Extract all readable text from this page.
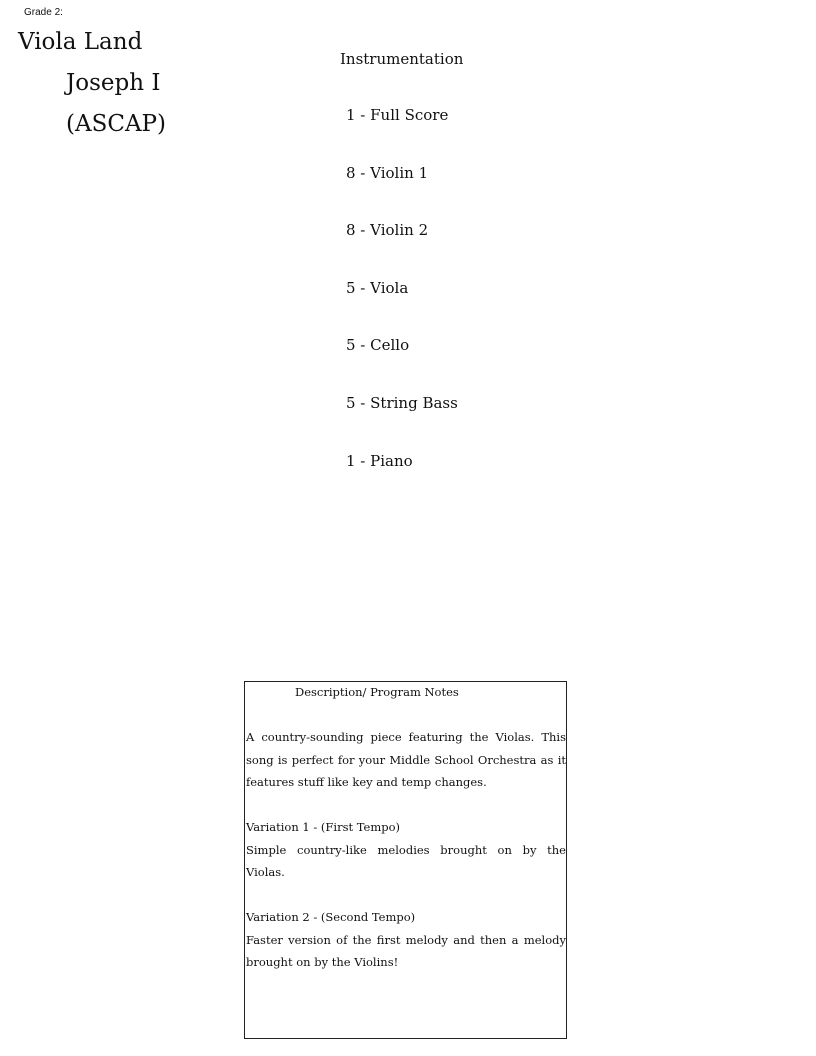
Grade 2:
Viola Land
Joseph I
(ASCAP)
Instrumentation
1 - Full Score
8 - Violin 1
8 - Violin 2
5 - Viola
5 - Cello
5 - String Bass
1 - Piano
Description/ Program Notes

A country-sounding piece featuring the Violas. This song is perfect for your Middle School Orchestra as it features stuff like key and temp changes.

Variation 1 - (First Tempo)

Simple country-like melodies brought on by the Violas.

Variation 2 - (Second Tempo)

Faster version of the first melody and then a melody brought on by the Violins!
